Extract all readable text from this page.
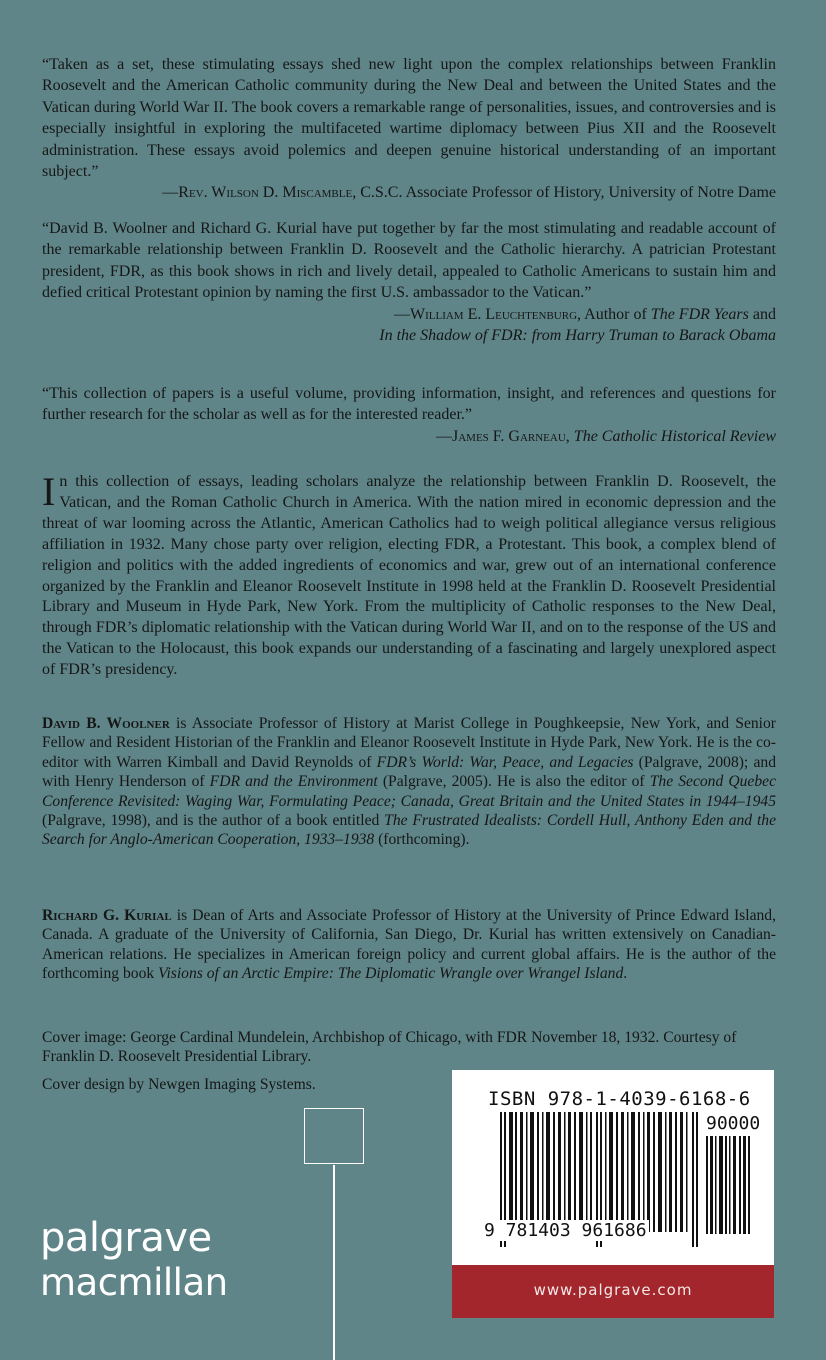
“Taken as a set, these stimulating essays shed new light upon the complex relationships between Franklin Roosevelt and the American Catholic community during the New Deal and between the United States and the Vatican during World War II. The book covers a remarkable range of personalities, issues, and controversies and is especially insightful in exploring the multifaceted wartime diplomacy between Pius XII and the Roosevelt administration. These essays avoid polemics and deepen genuine historical understanding of an important subject.”

—Rev. Wilson D. Miscamble, C.S.C. Associate Professor of History, University of Notre Dame

“David B. Woolner and Richard G. Kurial have put together by far the most stimulating and readable account of the remarkable relationship between Franklin D. Roosevelt and the Catholic hierarchy. A patrician Protestant president, FDR, as this book shows in rich and lively detail, appealed to Catholic Americans to sustain him and defied critical Protestant opinion by naming the first U.S. ambassador to the Vatican.”

—William E. Leuchtenburg, Author of The FDR Years and
In the Shadow of FDR: from Harry Truman to Barack Obama

“This collection of papers is a useful volume, providing information, insight, and references and questions for further research for the scholar as well as for the interested reader.”

—James F. Garneau, The Catholic Historical Review

In this collection of essays, leading scholars analyze the relationship between Franklin D. Roosevelt, the Vatican, and the Roman Catholic Church in America. With the nation mired in economic depression and the threat of war looming across the Atlantic, American Catholics had to weigh political allegiance versus religious affiliation in 1932. Many chose party over religion, electing FDR, a Protestant. This book, a complex blend of religion and politics with the added ingredients of economics and war, grew out of an international conference organized by the Franklin and Eleanor Roosevelt Institute in 1998 held at the Franklin D. Roosevelt Presidential Library and Museum in Hyde Park, New York. From the multiplicity of Catholic responses to the New Deal, through FDR’s diplomatic relationship with the Vatican during World War II, and on to the response of the US and the Vatican to the Holocaust, this book expands our understanding of a fascinating and largely unexplored aspect of FDR’s presidency.

David B. Woolner is Associate Professor of History at Marist College in Poughkeepsie, New York, and Senior Fellow and Resident Historian of the Franklin and Eleanor Roosevelt Institute in Hyde Park, New York. He is the co-editor with Warren Kimball and David Reynolds of FDR’s World: War, Peace, and Legacies (Palgrave, 2008); and with Henry Henderson of FDR and the Environment (Palgrave, 2005). He is also the editor of The Second Quebec Conference Revisited: Waging War, Formulating Peace; Canada, Great Britain and the United States in 1944–1945 (Palgrave, 1998), and is the author of a book entitled The Frustrated Idealists: Cordell Hull, Anthony Eden and the Search for Anglo-American Cooperation, 1933–1938 (forthcoming).

Richard G. Kurial is Dean of Arts and Associate Professor of History at the University of Prince Edward Island, Canada. A graduate of the University of California, San Diego, Dr. Kurial has written extensively on Canadian-American relations. He specializes in American foreign policy and current global affairs. He is the author of the forthcoming book Visions of an Arctic Empire: The Diplomatic Wrangle over Wrangel Island.

Cover image: George Cardinal Mundelein, Archbishop of Chicago, with FDR November 18, 1932. Courtesy of Franklin D. Roosevelt Presidential Library.

Cover design by Newgen Imaging Systems.

palgrave
macmillan
ISBN 978-1-4039-6168-6
90000
9 781403 961686
www.palgrave.com
